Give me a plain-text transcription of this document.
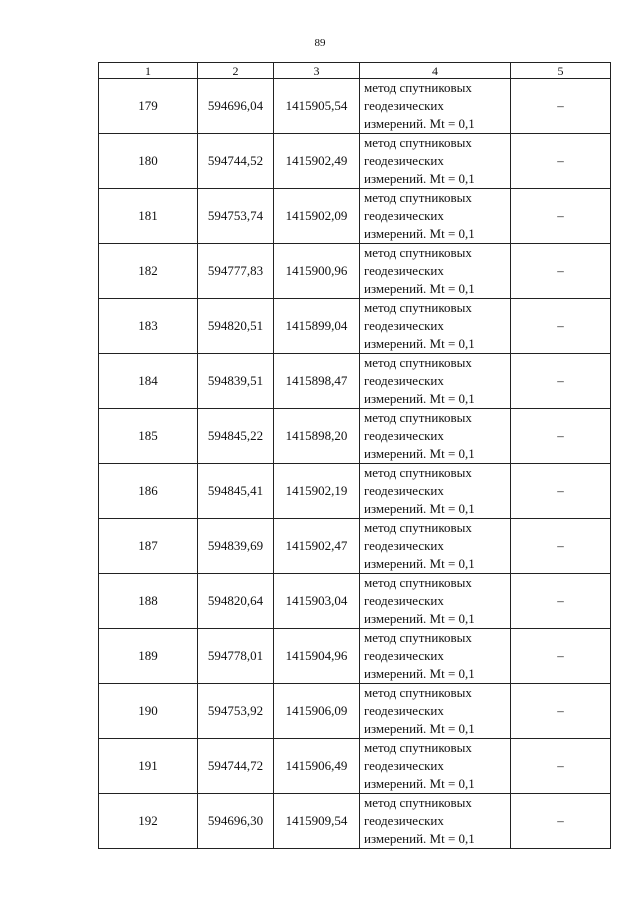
89
1	2	3	4	5
179	594696,04	1415905,54	метод спутниковых
геодезических
измерений. Mt = 0,1	–
180	594744,52	1415902,49	метод спутниковых
геодезических
измерений. Mt = 0,1	–
181	594753,74	1415902,09	метод спутниковых
геодезических
измерений. Mt = 0,1	–
182	594777,83	1415900,96	метод спутниковых
геодезических
измерений. Mt = 0,1	–
183	594820,51	1415899,04	метод спутниковых
геодезических
измерений. Mt = 0,1	–
184	594839,51	1415898,47	метод спутниковых
геодезических
измерений. Mt = 0,1	–
185	594845,22	1415898,20	метод спутниковых
геодезических
измерений. Mt = 0,1	–
186	594845,41	1415902,19	метод спутниковых
геодезических
измерений. Mt = 0,1	–
187	594839,69	1415902,47	метод спутниковых
геодезических
измерений. Mt = 0,1	–
188	594820,64	1415903,04	метод спутниковых
геодезических
измерений. Mt = 0,1	–
189	594778,01	1415904,96	метод спутниковых
геодезических
измерений. Mt = 0,1	–
190	594753,92	1415906,09	метод спутниковых
геодезических
измерений. Mt = 0,1	–
191	594744,72	1415906,49	метод спутниковых
геодезических
измерений. Mt = 0,1	–
192	594696,30	1415909,54	метод спутниковых
геодезических
измерений. Mt = 0,1	–
